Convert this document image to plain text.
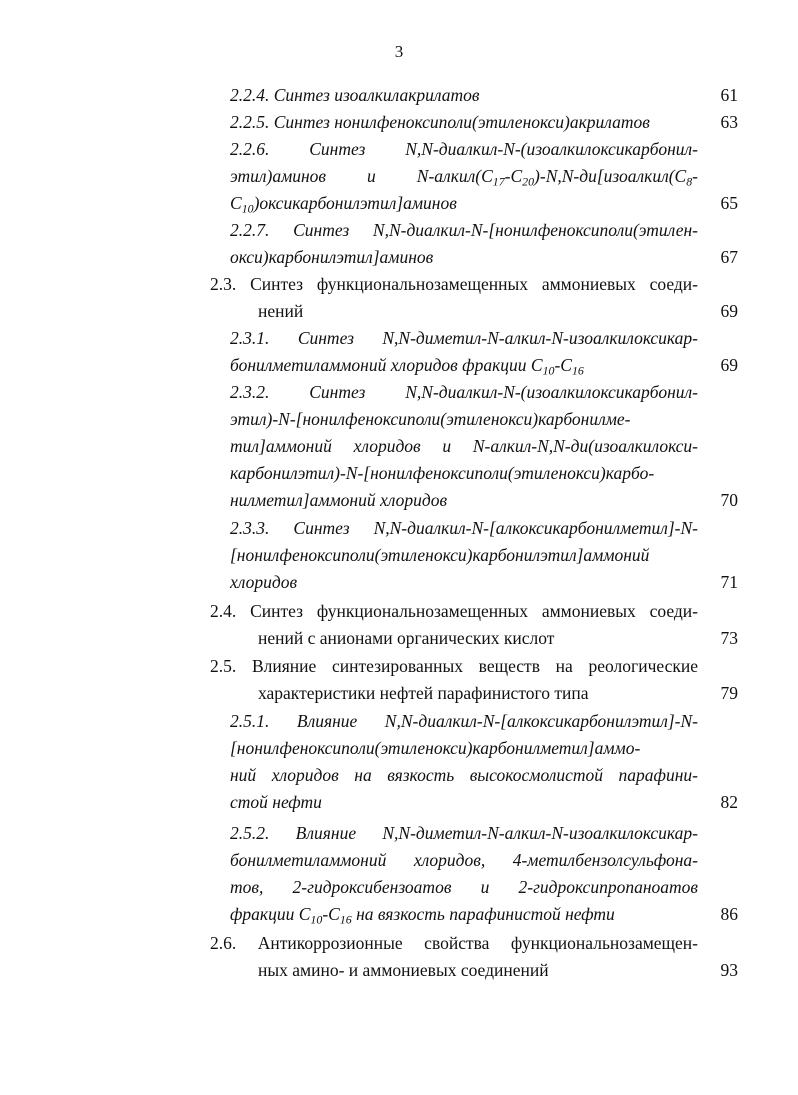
3
2.2.4. Синтез изоалкилакрилатов	61
2.2.5. Синтез нонилфеноксиполи(этиленокси)акрилатов	63
2.2.6. Синтез N,N-диалкил-N-(изоалкилоксикарбонил-
этил)аминов и $N-алкил(C_{17}-C_{20})-N,N-ди[изоалкил(C_8-$
$C_{10})оксикарбонилэтил]аминов$	65
2.2.7. Синтез N,N-диалкил-N-[нонилфеноксиполи(этилен-
окси)карбонилэтил]аминов	67
2.3. Синтез функциональнозамещенных аммониевых соеди-
нений	69
2.3.1. Синтез N,N-диметил-N-алкил-N-изоалкилоксикар-
бонилметиламмоний хлоридов фракции $C_{10}-C_{16}$	69
2.3.2. Синтез N,N-диалкил-N-(изоалкилоксикарбонил-
этил)-N-[нонилфеноксиполи(этиленокси)карбонилме-
тил]аммоний хлоридов и N-алкил-N,N-ди(изоалкилокси-
карбонилэтил)-N-[нонилфеноксиполи(этиленокси)карбо-
нилметил]аммоний хлоридов	70
2.3.3. Синтез N,N-диалкил-N-[алкоксикарбонилметил]-N-
[нонилфеноксиполи(этиленокси)карбонилэтил]аммоний
хлоридов	71
2.4. Синтез функциональнозамещенных аммониевых соеди-
нений с анионами органических кислот	73
2.5. Влияние синтезированных веществ на реологические
характеристики нефтей парафинистого типа	79
2.5.1. Влияние N,N-диалкил-N-[алкоксикарбонилэтил]-N-
[нонилфеноксиполи(этиленокси)карбонилметил]аммо-
ний хлоридов на вязкость высокосмолистой парафини-
стой нефти	82
2.5.2. Влияние N,N-диметил-N-алкил-N-изоалкилоксикар-
бонилметиламмоний хлоридов, 4-метилбензолсульфона-
тов, 2-гидроксибензоатов и 2-гидроксипропаноатов
фракции $C_{10}-C_{16}$ на вязкость парафинистой нефти	86
2.6. Антикоррозионные свойства функциональнозамещен-
ных амино- и аммониевых соединений	93
